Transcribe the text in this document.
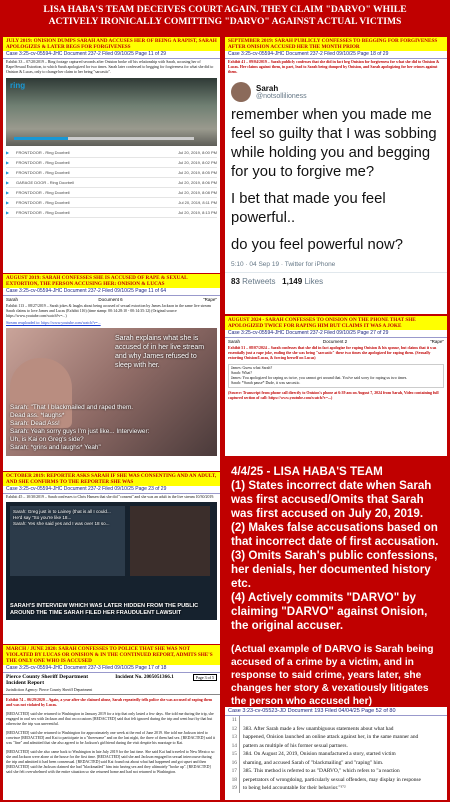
LISA HABA'S TEAM DECEIVES COURT AGAIN. THEY CLAIM "DARVO" WHILE
ACTIVELY IRONICALLY COMITTING "DARVO" AGAINST ACTUAL VICTIMS
JULY 2019: ONISION DUMPS SARAH AND ACCUSES HER OF BEING A RAPIST, SARAH APOLOGIZES & LATER BEGS FOR FORGIVENESS
Case 3:25-cv-05594-JHC Document 237-2 Filed 09/10/25 Page 11 of 29
Exhibit 33 – 07/20/2019 – Ring footage captured seconds after Onision broke off his relationship with Sarah, accusing her of Rape/Sexual Extortion, to which Sarah apologized for two times. Sarah later confessed to begging for forgiveness for what she did to Onision & Lucas, only to change her claim to her being "sarcastic".
ring
▶	FRONTDOOR - Ring Doorbell	Jul 20, 2019, 8:00 PM
▶	FRONTDOOR - Ring Doorbell	Jul 20, 2019, 8:02 PM
▶	FRONTDOOR - Ring Doorbell	Jul 20, 2019, 8:05 PM
▶	GARAGE DOOR - Ring Doorbell	Jul 20, 2019, 8:06 PM
▶	FRONTDOOR - Ring Doorbell	Jul 20, 2019, 8:08 PM
▶	FRONTDOOR - Ring Doorbell	Jul 20, 2019, 8:11 PM
▶	FRONTDOOR - Ring Doorbell	Jul 20, 2019, 8:13 PM
AUGUST 2019: SARAH CONFESSES SHE IS ACCUSED OF RAPE & SEXUAL EXTORTION, THE PERSON ACCUSING HER: ONISION & LUCAS
Case 3:25-cv-05594-JHC Document 237-2 Filed 09/10/25 Page 11 of 64
Sarah	Document 6	"Rape"
Exhibit 113 – 08/27/2019 – Sarah jokes & laughs about being accused of sexual extortion by James Jackson in the same live stream Sarah claims to love James and Lucas (Exhibit 116) (time stamp: 00:14:28:10 - 00:14:35:12) (Original source https://www.youtube.com/watch?v=...)
Stream reuploaded to: https://www.youtube.com/watch?v=...
Sarah explains what she is accused of in her live stream and why James refused to sleep with her.
Sarah: "That I blackmailed and raped them. Dead ass. *laughs*
Sarah: Dead Ass!
Sarah: Yeah sorry guys I'm just like... Interviewer: Uh, is Kai on Greg's side?
Sarah: *grins and laughs* Yeah"
OCTOBER 2019: REPORTER ASKS SARAH IF SHE WAS CONSENTING AND AN ADULT, AND SHE CONFIRMS TO THE REPORTER SHE WAS
Case 3:25-cv-05594-JHC Document 237-2 Filed 09/10/25 Page 23 of 29
Exhibit 45 – 10/30/2019 – Sarah confesses to Chris Hansen that she did "consent" and she was an adult in the live stream 10/30/2019.
Sarah: Greg just in to Lainey (that is all I could...
He'd say "So you're like 18...
Sarah: Yes she said yes and I was over 18 so...
SARAH'S INTERVIEW WHICH WAS LATER HIDDEN FROM THE PUBLIC AROUND THE TIME SARAH FILED HER FRAUDULENT LAWSUIT
MARCH / JUNE 2020: SARAH CONFESSES TO POLICE THAT SHE WAS NOT VIOLATED BY LUCAS OR ONISION & IN THE CONTINUED REPORT, ADMITS SHE'S THE ONLY ONE WHO IS ACCUSED
Case 3:25-cv-05594-JHC Document 237-3 Filed 09/10/25 Page 17 of 18
Pierce County Sheriff Department Incident Report
Incident No. 2005051366.1	Page 3 of 5
Jurisdiction Agency: Pierce County Sheriff Department
Exhibit 74 – 06/29/2020 – Again, a year after she claimed abuse, Sarah repeatedly tells police she was accused of raping them and was not violated by Lucas.
[REDACTED] said she returned to Washington in January 2019 for a trip that only lasted a few days. She told me during the trip, she engaged in oral sex with Jackson and that on occasions [REDACTED] said that felt ignored during the trip and went hurt by that but otherwise the trip was uneventful.
[REDACTED] said she returned to Washington for approximately one week at the end of June 2019. She told me Jackson tried to convince [REDACTED] and Kai to participate in a "threesome" and on the last night, the three of them had sex. [REDACTED] said it was "fine" and admitted that she also agreed to be Jackson's girlfriend during the visit despite his marriage to Kai.
[REDACTED] said she also came back to Washington in late July 2019 for the last time. She said Kai had traveled to New Mexico so she and Jackson were alone at the house for the first time. [REDACTED] said she and Jackson engaged in sexual intercourse during the trip and admitted it had been consensual. [REDACTED] said Kai found out about what had happened and got upset and then [REDACTED] said the Jackson claimed she had "blackmailed" him into having sex and they ultimately "broke up". [REDACTED] said she felt overwhelmed with the entire situation so she returned home and had not returned to Washington.
SEPTEMBER 2019: SARAH PUBLICLY CONFESSES TO BEGGING FOR FORGIVENESS AFTER ONISION ACCUSED HER THE MONTH PRIOR
Case 3:25-cv-05594-JHC Document 237-2 Filed 09/10/25 Page 18 of 29
Exhibit 41 – 09/04/2019 – Sarah publicly confesses that she did in fact beg Onision for forgiveness for what she did to Onision & Lucas. Her claims against them, in part, lead to Sarah being dumped by Onision, and Sarah apologizing for her crimes against them.
Sarah
@notsollilioness
remember when you made me feel so guilty that I was sobbing while holding you and begging for you to forgive me?
I bet that made you feel powerful..
do you feel powerful now?
5:10 · 04 Sep 19 · Twitter for iPhone
83 Retweets 1,149 Likes
AUGUST 2024 - SARAH CONFESSES TO ONISION ON THE PHONE THAT SHE APOLOGIZED TWICE FOR RAPING HIM BUT CLAIMS IT WAS A JOKE
Case 3:25-cv-05594-JHC Document 237-2 Filed 09/10/25 Page 27 of 29
Sarah	Document 2	"Rape"
Exhibit 51 – 08/07/2024 – Sarah confesses that she did in fact apologize for raping Onision & his spouse, but claims that it was essentially just a rape joke, ending the she was being "sarcastic" these two times she apologized for raping them. (Sexually extorting Onision/Lucas, & forcing herself on Lucas)
James: Guess what Sarah?
Sarah: What?
James: You apologized for raping us twice, you cannot get around that. You've said sorry for raping us two times.
Sarah: *Sarah pause* Dude, it was sarcastic.
(Source: Transcript from phone call directly to Onision's phone at 6:39 am on August 7, 2024 from Sarah, Video containing full captured section of call: https://www.youtube.com/watch?v=...)
4/4/25 - LISA HABA'S TEAM
(1) States incorrect date when Sarah was first accused/Omits that Sarah was first accused on July 20, 2019.
(2) Makes false accusations based on that incorrect date of first accusation.
(3) Omits Sarah's public confessions, her denials, her documented history etc.
(4) Actively commits "DARVO" by claiming "DARVO" against Onision, the original accuser.
(Actual example of DARVO is Sarah being accused of a crime by a victim, and in response to said crime, years later, she changes her story & vexatiously litigates the person who accused her)
Case 3:23-cv-05523-JD Document 193 Filed 04/04/25 Page 52 of 80
11
12	383. After Sarah made a few unambiguous statements about what had
13	happened, Onision launched an online attack against her, in the same manner and
14	pattern as multiple of his former sexual partners.
15	384. On August 24, 2019, Onision manufactured a story, started victim
16	shaming, and accused Sarah of "blackmailing" and "raping" him.
17	385. This method is referred to as "DARVO," which refers to "a reaction
18	perpetrators of wrongdoing, particularly sexual offenders, may display in response
19	to being held accountable for their behavior."¹⁷²
